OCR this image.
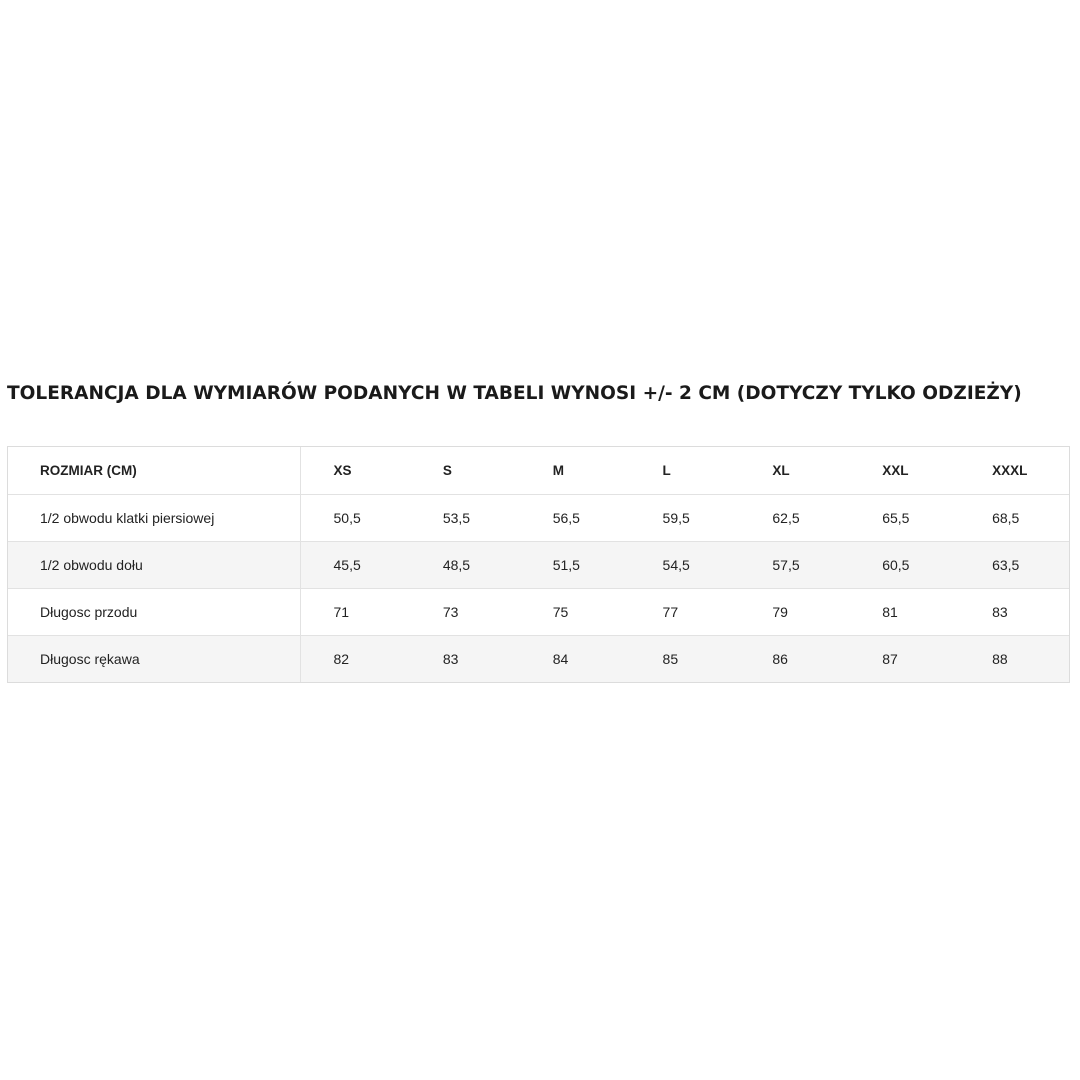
TOLERANCJA DLA WYMIARÓW PODANYCH W TABELI WYNOSI +/- 2 CM (DOTYCZY TYLKO ODZIEŻY)
ROZMIAR (CM)	XS	S	M	L	XL	XXL	XXXL
1/2 obwodu klatki piersiowej	50,5	53,5	56,5	59,5	62,5	65,5	68,5
1/2 obwodu dołu	45,5	48,5	51,5	54,5	57,5	60,5	63,5
Długosc przodu	71	73	75	77	79	81	83
Długosc rękawa	82	83	84	85	86	87	88
